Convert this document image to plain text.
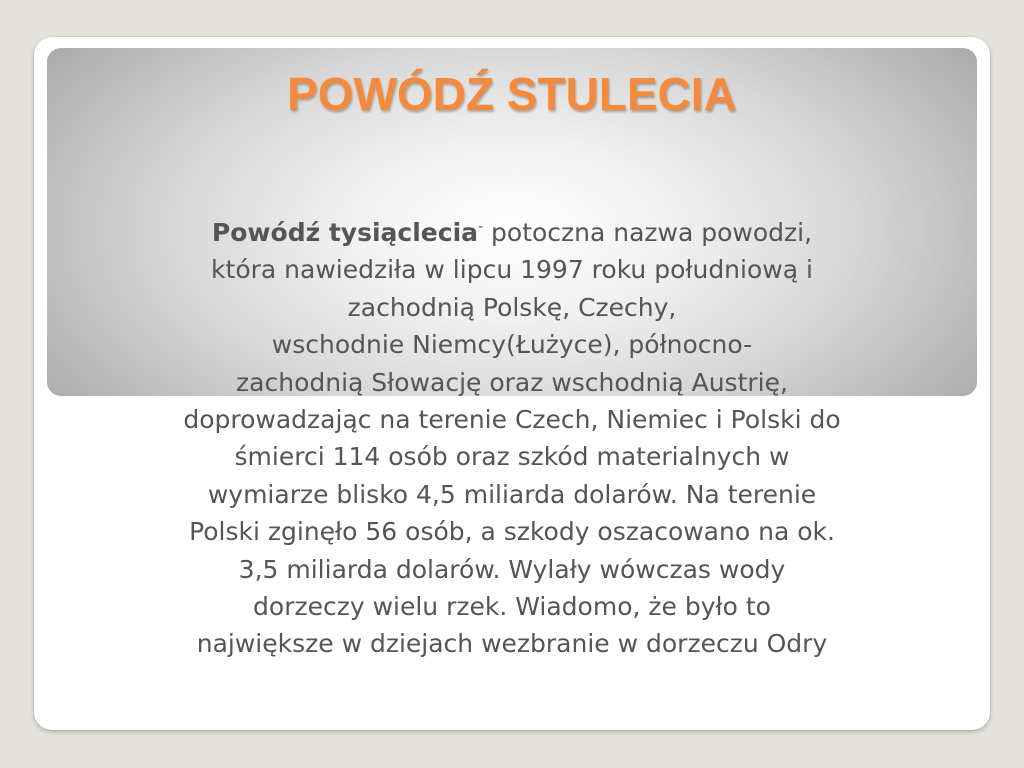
POWÓDŹ STULECIA

Powódź tysiąclecia- potoczna nazwa powodzi,
która nawiedziła w lipcu 1997 roku południową i
zachodnią Polskę, Czechy,
wschodnie Niemcy(Łużyce), północno-
zachodnią Słowację oraz wschodnią Austrię,
doprowadzając na terenie Czech, Niemiec i Polski do
śmierci 114 osób oraz szkód materialnych w
wymiarze blisko 4,5 miliarda dolarów. Na terenie
Polski zginęło 56 osób, a szkody oszacowano na ok.
3,5 miliarda dolarów. Wylały wówczas wody
dorzeczy wielu rzek. Wiadomo, że było to
największe w dziejach wezbranie w dorzeczu Odry
